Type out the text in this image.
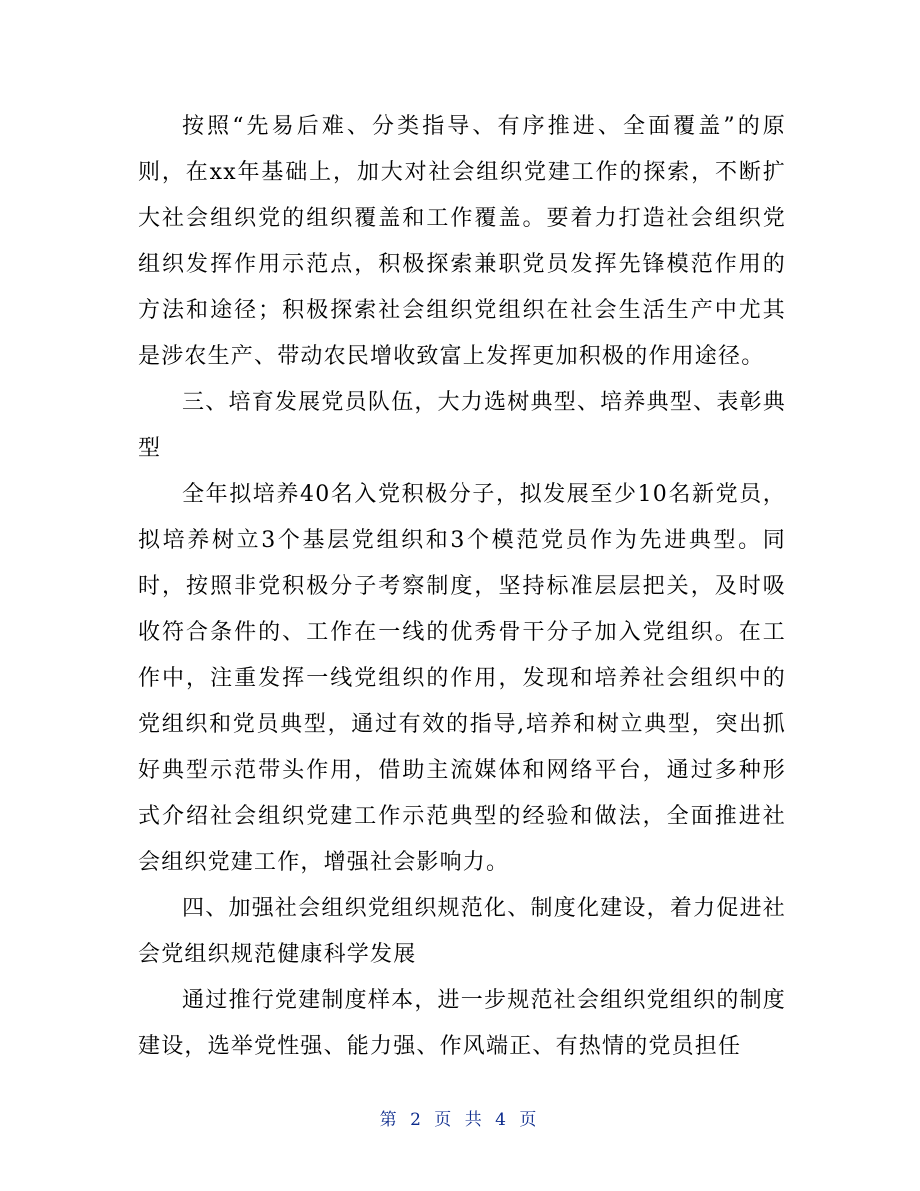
按照“先易后难、分类指导、有序推进、全面覆盖”的原则，在xx年基础上，加大对社会组织党建工作的探索，不断扩大社会组织党的组织覆盖和工作覆盖。要着力打造社会组织党组织发挥作用示范点，积极探索兼职党员发挥先锋模范作用的方法和途径；积极探索社会组织党组织在社会生活生产中尤其是涉农生产、带动农民增收致富上发挥更加积极的作用途径。

三、培育发展党员队伍，大力选树典型、培养典型、表彰典型

全年拟培养40名入党积极分子，拟发展至少10名新党员，拟培养树立3个基层党组织和3个模范党员作为先进典型。同时，按照非党积极分子考察制度，坚持标准层层把关，及时吸收符合条件的、工作在一线的优秀骨干分子加入党组织。在工作中，注重发挥一线党组织的作用，发现和培养社会组织中的党组织和党员典型，通过有效的指导,培养和树立典型，突出抓好典型示范带头作用，借助主流媒体和网络平台，通过多种形式介绍社会组织党建工作示范典型的经验和做法，全面推进社会组织党建工作，增强社会影响力。

四、加强社会组织党组织规范化、制度化建设，着力促进社会党组织规范健康科学发展

通过推行党建制度样本，进一步规范社会组织党组织的制度建设，选举党性强、能力强、作风端正、有热情的党员担任

第 2 页 共 4 页
